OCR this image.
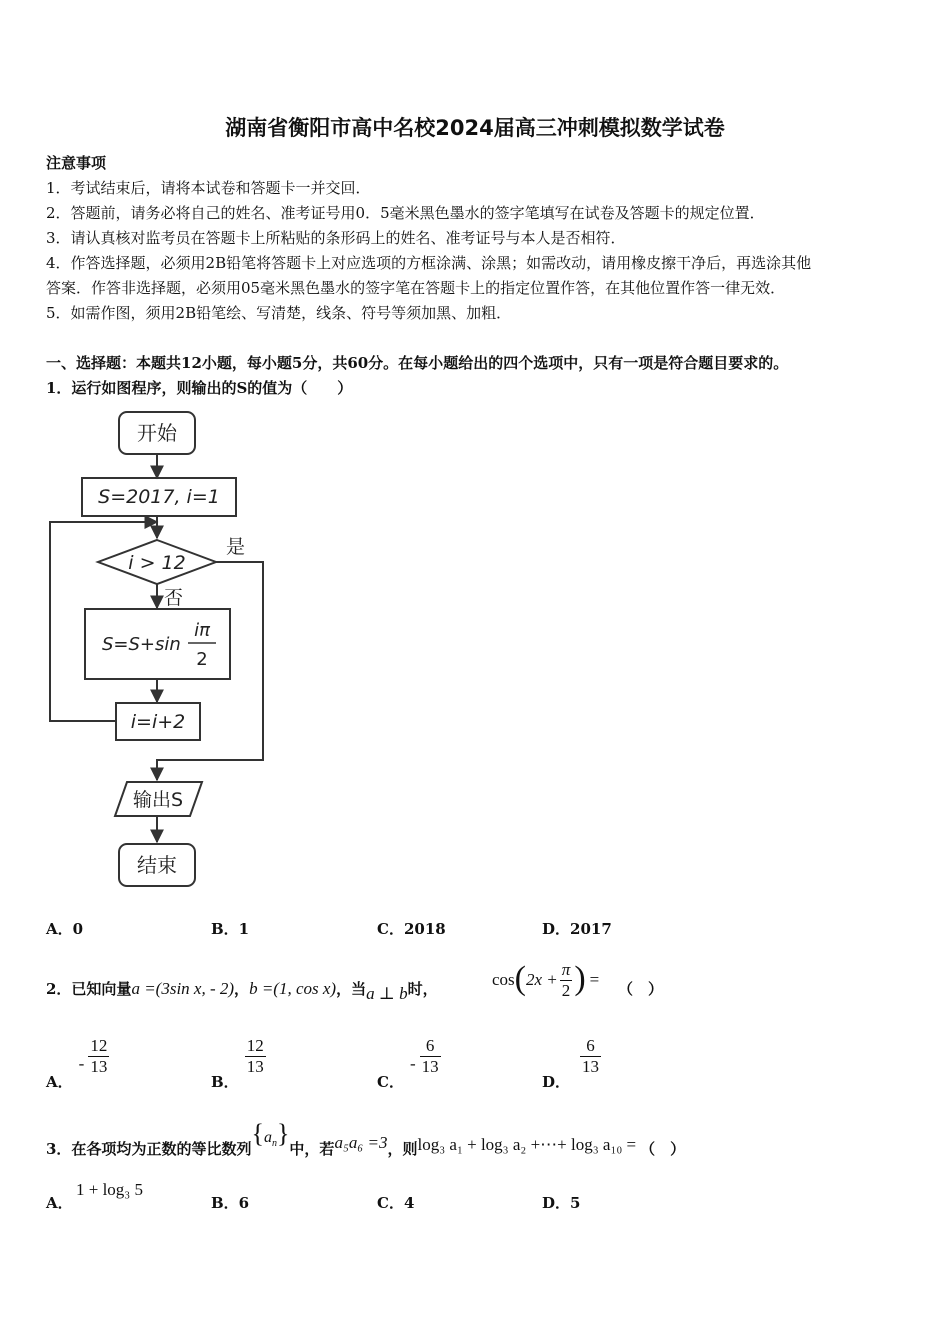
湖南省衡阳市高中名校2024届高三冲刺模拟数学试卷
注意事项
1．考试结束后，请将本试卷和答题卡一并交回．
2．答题前，请务必将自己的姓名、准考证号用0．5毫米黑色墨水的签字笔填写在试卷及答题卡的规定位置．
3．请认真核对监考员在答题卡上所粘贴的条形码上的姓名、准考证号与本人是否相符．
4．作答选择题，必须用2B铅笔将答题卡上对应选项的方框涂满、涂黑；如需改动，请用橡皮擦干净后，再选涂其他
答案．作答非选择题，必须用05毫米黑色墨水的签字笔在答题卡上的指定位置作答，在其他位置作答一律无效．
5．如需作图，须用2B铅笔绘、写清楚，线条、符号等须加黑、加粗．
一、选择题：本题共12小题，每小题5分，共60分。在每小题给出的四个选项中，只有一项是符合题目要求的。
1．运行如图程序，则输出的S的值为（　　）
开始
S=2017, i=1
i > 12
是
否
S=S+sin
iπ
2
i=i+2
输出S
结束
A．0	B．1	C．2018	D．2017
2．已知向量a =(3sin x, - 2)，b =(1, cos x)，当a ⊥ b时，	$\cos(2x + \frac{\pi}{2}$ ) = （　）
A．- $\frac{12}{13}$
B．
$\frac{12}{13}$
C．- $\frac{6}{13}$
D．
$\frac{6}{13}$
3．在各项均为正数的等比数列$\{a_n\}$中，若a₅a₆ =3，则log₃ a₁ + log₃ a₂ +⋯+ log₃ a₁₀ = （　）
A．
1 + log₃ 5
B．6	C．4	D．5
